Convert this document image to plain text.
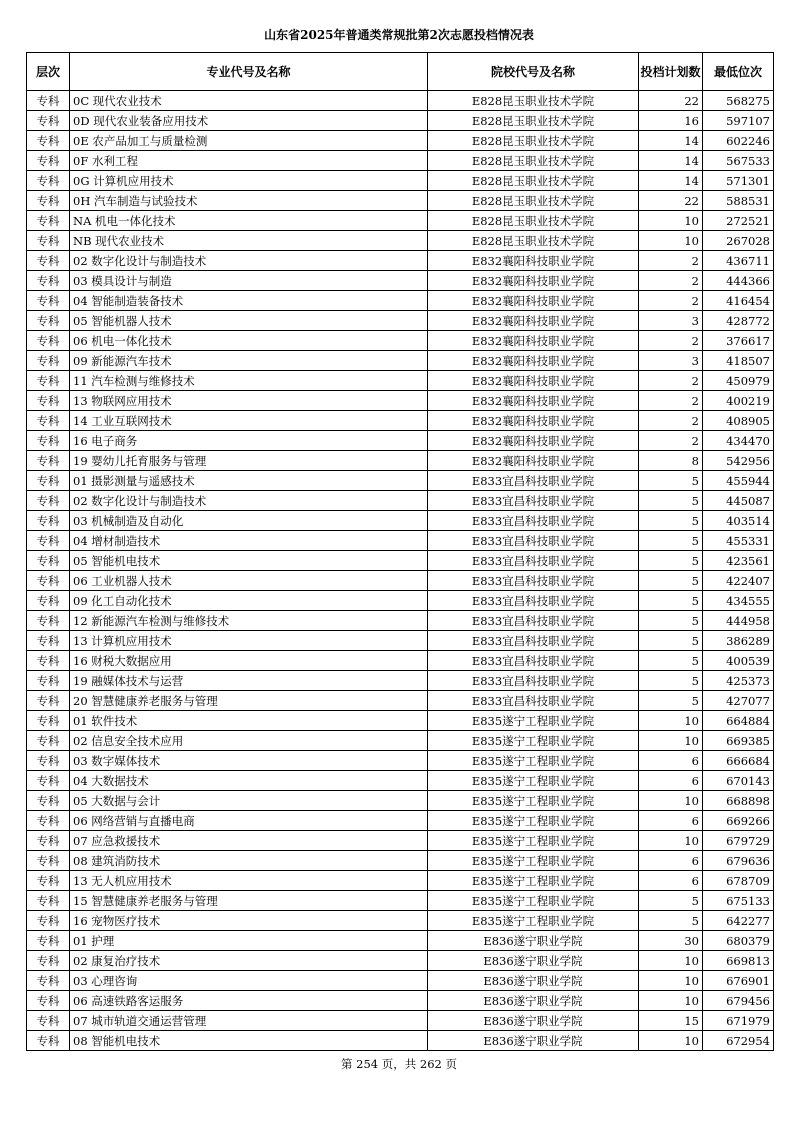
山东省2025年普通类常规批第2次志愿投档情况表
层次	专业代号及名称	院校代号及名称	投档计划数	最低位次
专科	0C 现代农业技术	E828昆玉职业技术学院	22	568275
专科	0D 现代农业装备应用技术	E828昆玉职业技术学院	16	597107
专科	0E 农产品加工与质量检测	E828昆玉职业技术学院	14	602246
专科	0F 水利工程	E828昆玉职业技术学院	14	567533
专科	0G 计算机应用技术	E828昆玉职业技术学院	14	571301
专科	0H 汽车制造与试验技术	E828昆玉职业技术学院	22	588531
专科	NA 机电一体化技术	E828昆玉职业技术学院	10	272521
专科	NB 现代农业技术	E828昆玉职业技术学院	10	267028
专科	02 数字化设计与制造技术	E832襄阳科技职业学院	2	436711
专科	03 模具设计与制造	E832襄阳科技职业学院	2	444366
专科	04 智能制造装备技术	E832襄阳科技职业学院	2	416454
专科	05 智能机器人技术	E832襄阳科技职业学院	3	428772
专科	06 机电一体化技术	E832襄阳科技职业学院	2	376617
专科	09 新能源汽车技术	E832襄阳科技职业学院	3	418507
专科	11 汽车检测与维修技术	E832襄阳科技职业学院	2	450979
专科	13 物联网应用技术	E832襄阳科技职业学院	2	400219
专科	14 工业互联网技术	E832襄阳科技职业学院	2	408905
专科	16 电子商务	E832襄阳科技职业学院	2	434470
专科	19 婴幼儿托育服务与管理	E832襄阳科技职业学院	8	542956
专科	01 摄影测量与遥感技术	E833宜昌科技职业学院	5	455944
专科	02 数字化设计与制造技术	E833宜昌科技职业学院	5	445087
专科	03 机械制造及自动化	E833宜昌科技职业学院	5	403514
专科	04 增材制造技术	E833宜昌科技职业学院	5	455331
专科	05 智能机电技术	E833宜昌科技职业学院	5	423561
专科	06 工业机器人技术	E833宜昌科技职业学院	5	422407
专科	09 化工自动化技术	E833宜昌科技职业学院	5	434555
专科	12 新能源汽车检测与维修技术	E833宜昌科技职业学院	5	444958
专科	13 计算机应用技术	E833宜昌科技职业学院	5	386289
专科	16 财税大数据应用	E833宜昌科技职业学院	5	400539
专科	19 融媒体技术与运营	E833宜昌科技职业学院	5	425373
专科	20 智慧健康养老服务与管理	E833宜昌科技职业学院	5	427077
专科	01 软件技术	E835遂宁工程职业学院	10	664884
专科	02 信息安全技术应用	E835遂宁工程职业学院	10	669385
专科	03 数字媒体技术	E835遂宁工程职业学院	6	666684
专科	04 大数据技术	E835遂宁工程职业学院	6	670143
专科	05 大数据与会计	E835遂宁工程职业学院	10	668898
专科	06 网络营销与直播电商	E835遂宁工程职业学院	6	669266
专科	07 应急救援技术	E835遂宁工程职业学院	10	679729
专科	08 建筑消防技术	E835遂宁工程职业学院	6	679636
专科	13 无人机应用技术	E835遂宁工程职业学院	6	678709
专科	15 智慧健康养老服务与管理	E835遂宁工程职业学院	5	675133
专科	16 宠物医疗技术	E835遂宁工程职业学院	5	642277
专科	01 护理	E836遂宁职业学院	30	680379
专科	02 康复治疗技术	E836遂宁职业学院	10	669813
专科	03 心理咨询	E836遂宁职业学院	10	676901
专科	06 高速铁路客运服务	E836遂宁职业学院	10	679456
专科	07 城市轨道交通运营管理	E836遂宁职业学院	15	671979
专科	08 智能机电技术	E836遂宁职业学院	10	672954
第 254 页，共 262 页
